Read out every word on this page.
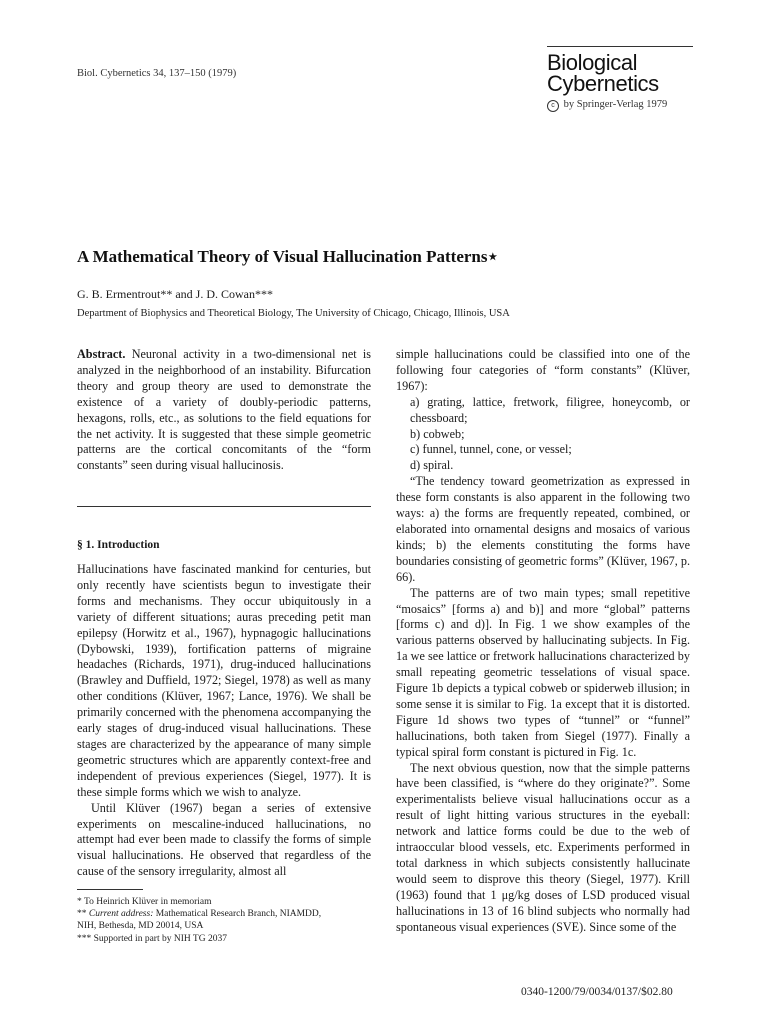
Biol. Cybernetics 34, 137–150 (1979)	Biological
Cybernetics
c by Springer-Verlag 1979
A Mathematical Theory of Visual Hallucination Patterns⋆
G. B. Ermentrout** and J. D. Cowan***
Department of Biophysics and Theoretical Biology, The University of Chicago, Chicago, Illinois, USA

Abstract. Neuronal activity in a two-dimensional net is analyzed in the neighborhood of an instability. Bifurcation theory and group theory are used to demonstrate the existence of a variety of doubly-periodic patterns, hexagons, rolls, etc., as solutions to the field equations for the net activity. It is suggested that these simple geometric patterns are the cortical concomitants of the “form constants” seen during visual hallucinosis.

§ 1. Introduction

Hallucinations have fascinated mankind for centuries, but only recently have scientists begun to investigate their forms and mechanisms. They occur ubiquitously in a variety of different situations; auras preceding petit man epilepsy (Horwitz et al., 1967), hypnagogic hallucinations (Dybowski, 1939), fortification patterns of migraine headaches (Richards, 1971), drug-induced hallucinations (Brawley and Duffield, 1972; Siegel, 1978) as well as many other conditions (Klüver, 1967; Lance, 1976). We shall be primarily concerned with the phenomena accompanying the early stages of drug-induced visual hallucinations. These stages are characterized by the appearance of many simple geometric structures which are apparently context-free and independent of previous experiences (Siegel, 1977). It is these simple forms which we wish to analyze.

Until Klüver (1967) began a series of extensive experiments on mescaline-induced hallucinations, no attempt had ever been made to classify the forms of simple visual hallucinations. He observed that regardless of the cause of the sensory irregularity, almost all

* To Heinrich Klüver in memoriam

** Current address: Mathematical Research Branch, NIAMDD,

NIH, Bethesda, MD 20014, USA

*** Supported in part by NIH TG 2037

simple hallucinations could be classified into one of the following four categories of “form constants” (Klüver, 1967):

a) grating, lattice, fretwork, filigree, honeycomb, or chessboard;

b) cobweb;

c) funnel, tunnel, cone, or vessel;

d) spiral.

“The tendency toward geometrization as expressed in these form constants is also apparent in the following two ways: a) the forms are frequently repeated, combined, or elaborated into ornamental designs and mosaics of various kinds; b) the elements constituting the forms have boundaries consisting of geometric forms” (Klüver, 1967, p. 66).

The patterns are of two main types; small repetitive “mosaics” [forms a) and b)] and more “global” patterns [forms c) and d)]. In Fig. 1 we show examples of the various patterns observed by hallucinating subjects. In Fig. 1a we see lattice or fretwork hallucinations characterized by small repeating geometric tesselations of visual space. Figure 1b depicts a typical cobweb or spiderweb illusion; in some sense it is similar to Fig. 1a except that it is distorted. Figure 1d shows two types of “tunnel” or “funnel” hallucinations, both taken from Siegel (1977). Finally a typical spiral form constant is pictured in Fig. 1c.

The next obvious question, now that the simple patterns have been classified, is “where do they originate?”. Some experimentalists believe visual hallucinations occur as a result of light hitting various structures in the eyeball: network and lattice forms could be due to the web of intraoccular blood vessels, etc. Experiments performed in total darkness in which subjects consistently hallucinate would seem to disprove this theory (Siegel, 1977). Krill (1963) found that 1 μg/kg doses of LSD produced visual hallucinations in 13 of 16 blind subjects who normally had spontaneous visual experiences (SVE). Since some of the

0340-1200/79/0034/0137/$02.80
